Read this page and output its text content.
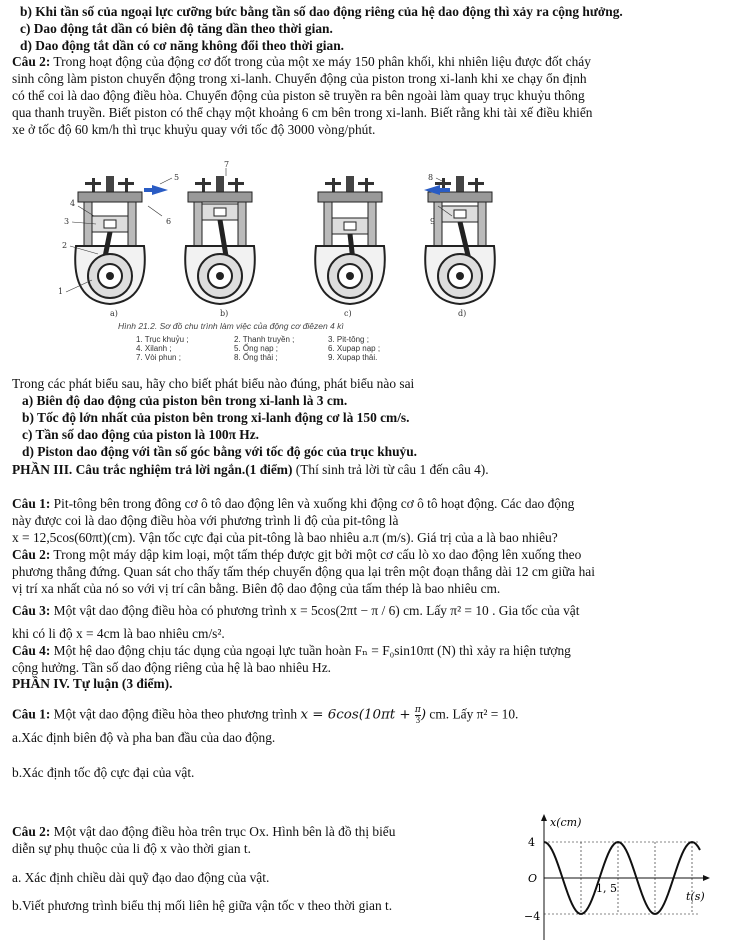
b) Khi tần số của ngoại lực cưỡng bức bằng tần số dao động riêng của hệ dao động thì xảy ra cộng hưởng.
c) Dao động tắt dần có biên độ tăng dần theo thời gian.
d) Dao động tắt dần có cơ năng không đổi theo thời gian.
Câu 2: Trong hoạt động của động cơ đốt trong của một xe máy 150 phân khối, khi nhiên liệu được đốt cháy
sinh công làm piston chuyển động trong xi-lanh. Chuyển động của piston trong xi-lanh khi xe chạy ổn định
có thể coi là dao động điều hòa. Chuyển động của piston sẽ truyền ra bên ngoài làm quay trục khuỷu thông
qua thanh truyền. Biết piston có thể chạy một khoảng 6 cm bên trong xi-lanh. Biết rằng khi tài xế điều khiển
xe ở tốc độ 60 km/h thì trục khuỷu quay với tốc độ 3000 vòng/phút.
5
7
8
4
3	6	9
2
1
a)	b)	c)	d)
Hình 21.2. Sơ đồ chu trình làm việc của động cơ điêzen 4 kì
1. Trục khuỷu ;
4. Xilanh ;
7. Vòi phun ;
2. Thanh truyền ;
5. Ống nạp ;
8. Ống thải ;
3. Pit-tông ;
6. Xupap nạp ;
9. Xupap thải.
Trong các phát biểu sau, hãy cho biết phát biểu nào đúng, phát biểu nào sai
a) Biên độ dao động của piston bên trong xi-lanh là 3 cm.
b) Tốc độ lớn nhất của piston bên trong xi-lanh động cơ là 150 cm/s.
c) Tần số dao động của piston là 100π Hz.
d) Piston dao động với tần số góc bằng với tốc độ góc của trục khuỷu.
PHẦN III. Câu trắc nghiệm trả lời ngắn.(1 điểm) (Thí sinh trả lời từ câu 1 đến câu 4).
Câu 1: Pit-tông bên trong đông cơ ô tô dao động lên và xuống khi động cơ ô tô hoạt động. Các dao động
này được coi là dao động điều hòa với phương trình li độ của pit-tông là
x = 12,5cos(60πt)(cm). Vận tốc cực đại của pit-tông là bao nhiêu a.π (m/s). Giá trị của a là bao nhiêu?
Câu 2: Trong một máy dập kim loại, một tấm thép được gịt bởi một cơ cấu lò xo dao động lên xuống theo
phương thẳng đứng. Quan sát cho thấy tấm thép chuyển động qua lại trên một đoạn thẳng dài 12 cm giữa hai
vị trí xa nhất của nó so với vị trí cân bằng. Biên độ dao động của tấm thép là bao nhiêu cm.
Câu 3: Một vật dao động điều hòa có phương trình x = 5cos(2πt − π / 6) cm. Lấy π² = 10 . Gia tốc của vật
khi có li độ x = 4cm là bao nhiêu cm/s².
Câu 4: Một hệ dao động chịu tác dụng của ngoại lực tuần hoàn Fₙ = F₀sin10πt (N) thì xảy ra hiện tượng
cộng hưởng. Tần số dao động riêng của hệ là bao nhiêu Hz.
PHẦN IV. Tự luận (3 điểm).
Câu 1: Một vật dao động điều hòa theo phương trình $x = 6\cos(10\pi t + \frac{\pi}{3}$ ) cm. Lấy π² = 10.
a.Xác định biên độ và pha ban đầu của dao động.
b.Xác định tốc độ cực đại của vật.
Câu 2: Một vật dao động điều hòa trên trục Ox. Hình bên là đồ thị biểu
diễn sự phụ thuộc của li độ x vào thời gian t.
a. Xác định chiều dài quỹ đạo dao động của vật.
b.Viết phương trình biểu thị mối liên hệ giữa vận tốc v theo thời gian t.
x(cm)
t(s)
4
O
−4
1, 5
